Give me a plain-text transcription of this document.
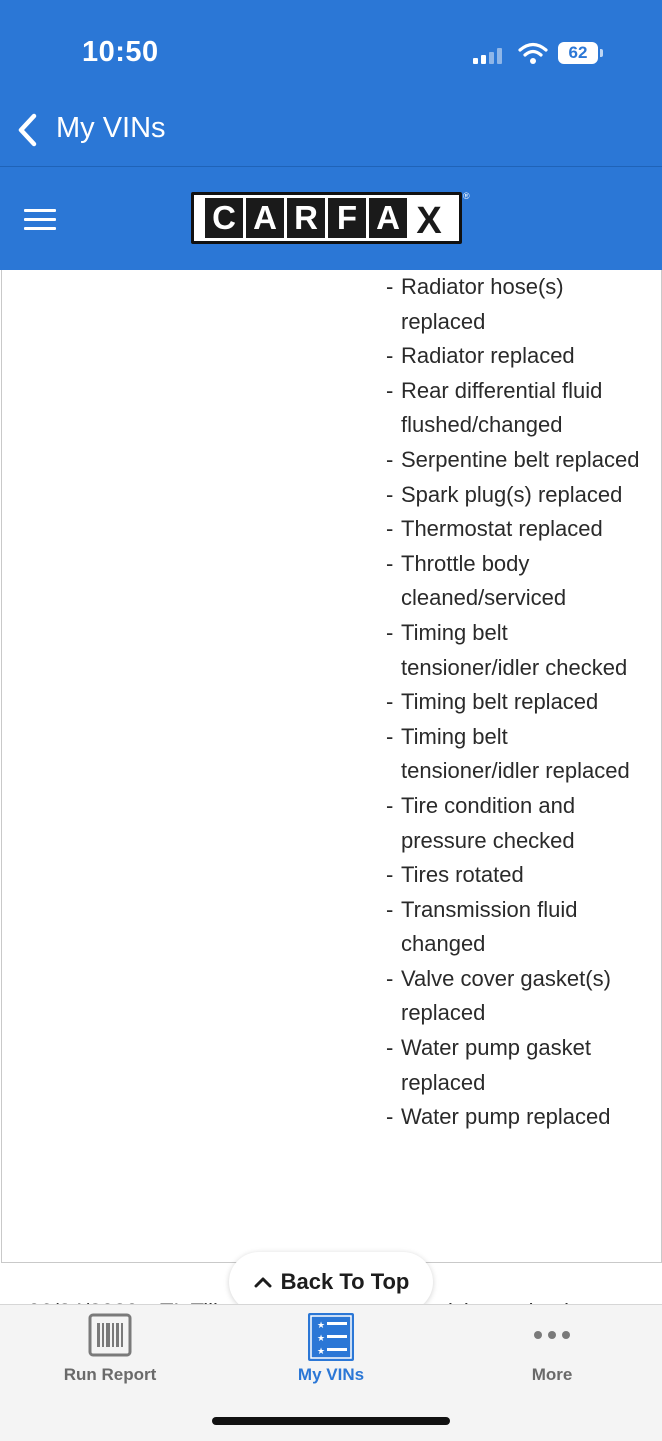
10:50	62
My VINs
C A R F A X
®
- Radiator hose(s) replaced
- Radiator replaced
- Rear differential fluid flushed/changed
- Serpentine belt replaced
- Spark plug(s) replaced
- Thermostat replaced
- Throttle body cleaned/serviced
- Timing belt tensioner/idler checked
- Timing belt replaced
- Timing belt tensioner/idler replaced
- Tire condition and pressure checked
- Tires rotated
- Transmission fluid changed
- Valve cover gasket(s) replaced
- Water pump gasket replaced
- Water pump replaced
Back To Top
Run Report
★
★
★
My VINs	More
